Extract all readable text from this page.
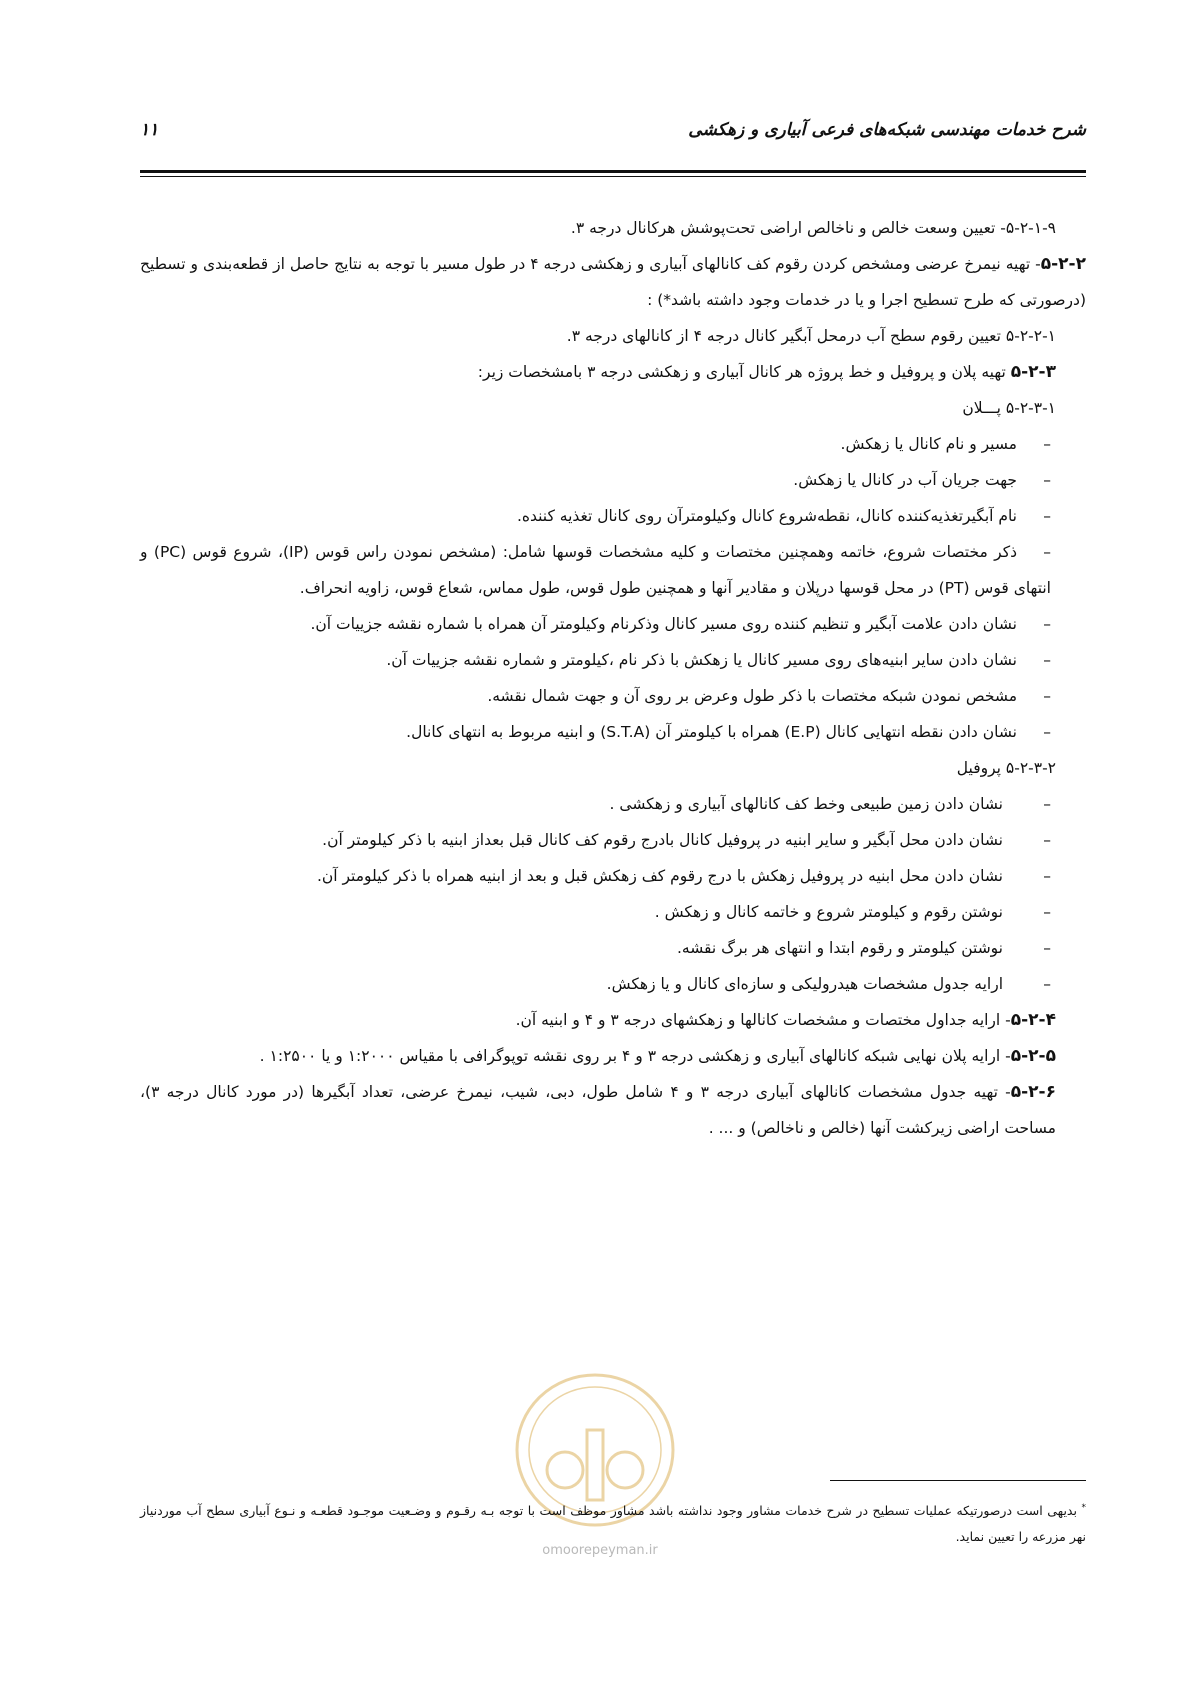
شرح خدمات مهندسی شبکه‌های فرعی آبیاری و زهکشی
۱۱

۵-۲-۱-۹- تعیین وسعت خالص و ناخالص اراضی تحت‌پوشش هرکانال درجه ۳.

۵-۲-۲- تهیه نیمرخ عرضی ومشخص کردن رقوم کف کانالهای آبیاری و زهکشی درجه ۴ در طول مسیر با توجه به نتایج حاصل از قطعه‌بندی و تسطیح (درصورتی که طرح تسطیح اجرا و یا در خدمات وجود داشته باشد*) :

۵-۲-۲-۱ تعیین رقوم سطح آب درمحل آبگیر کانال درجه ۴ از کانالهای درجه ۳.

۵-۲-۳ تهیه پلان و پروفیل و خط پروژه هر کانال آبیاری و زهکشی درجه ۳ بامشخصات زیر:

۵-۲-۳-۱ پـــلان

–مسیر و نام کانال یا زهکش.

–جهت جریان آب در کانال یا زهکش.

–نام آبگیرتغذیه‌کننده کانال، نقطه‌شروع کانال وکیلومترآن روی کانال تغذیه کننده.

–ذکر مختصات شروع، خاتمه وهمچنین مختصات و کلیه مشخصات قوسها شامل: (مشخص نمودن راس قوس (IP)، شروع قوس (PC) و انتهای قوس (PT) در محل قوسها درپلان و مقادیر آنها و همچنین طول قوس، طول مماس، شعاع قوس، زاویه انحراف.

–نشان دادن علامت آبگیر و تنظیم کننده روی مسیر کانال وذکرنام وکیلومتر آن همراه با شماره نقشه جزییات آن.

–نشان دادن سایر ابنیه‌های روی مسیر کانال یا زهکش با ذکر نام ،کیلومتر و شماره نقشه جزییات آن.

–مشخص نمودن شبکه مختصات با ذکر طول وعرض بر روی آن و جهت شمال نقشه.

–نشان دادن نقطه انتهایی کانال (E.P) همراه با کیلومتر آن (S.T.A) و ابنیه مربوط به انتهای کانال.

۵-۲-۳-۲ پروفیل

–نشان دادن زمین طبیعی وخط کف کانالهای آبیاری و زهکشی .

–نشان دادن محل آبگیر و سایر ابنیه در پروفیل کانال بادرج رقوم کف کانال قبل بعداز ابنیه با ذکر کیلومتر آن.

–نشان دادن محل ابنیه در پروفیل زهکش با درج رقوم کف زهکش قبل و بعد از ابنیه همراه با ذکر کیلومتر آن.

–نوشتن رقوم و کیلومتر شروع و خاتمه کانال و زهکش .

–نوشتن کیلومتر و رقوم ابتدا و انتهای هر برگ نقشه.

–ارایه جدول مشخصات هیدرولیکی و سازه‌ای کانال و یا زهکش.

۵-۲-۴- ارایه جداول مختصات و مشخصات کانالها و زهکشهای درجه ۳ و ۴ و ابنیه آن.

۵-۲-۵- ارایه پلان نهایی شبکه کانالهای آبیاری و زهکشی درجه ۳ و ۴ بر روی نقشه توپوگرافی با مقیاس ۱:۲۰۰۰ و یا ۱:۲۵۰۰ .

۵-۲-۶- تهیه جدول مشخصات کانالهای آبیاری درجه ۳ و ۴ شامل طول، دبی، شیب، نیمرخ عرضی، تعداد آبگیرها (در مورد کانال درجه ۳)، مساحت اراضی زیرکشت آنها (خالص و ناخالص) و ... .

omoorepeyman.ir
* بدیهی است درصورتیکه عملیات تسطیح در شرح خدمات مشاور وجود نداشته باشد مشاور موظف است با توجه بـه رقـوم و وضـعیت موجـود قطعـه و نـوع آبیاری سطح آب موردنیاز نهر مزرعه را تعیین نماید.
